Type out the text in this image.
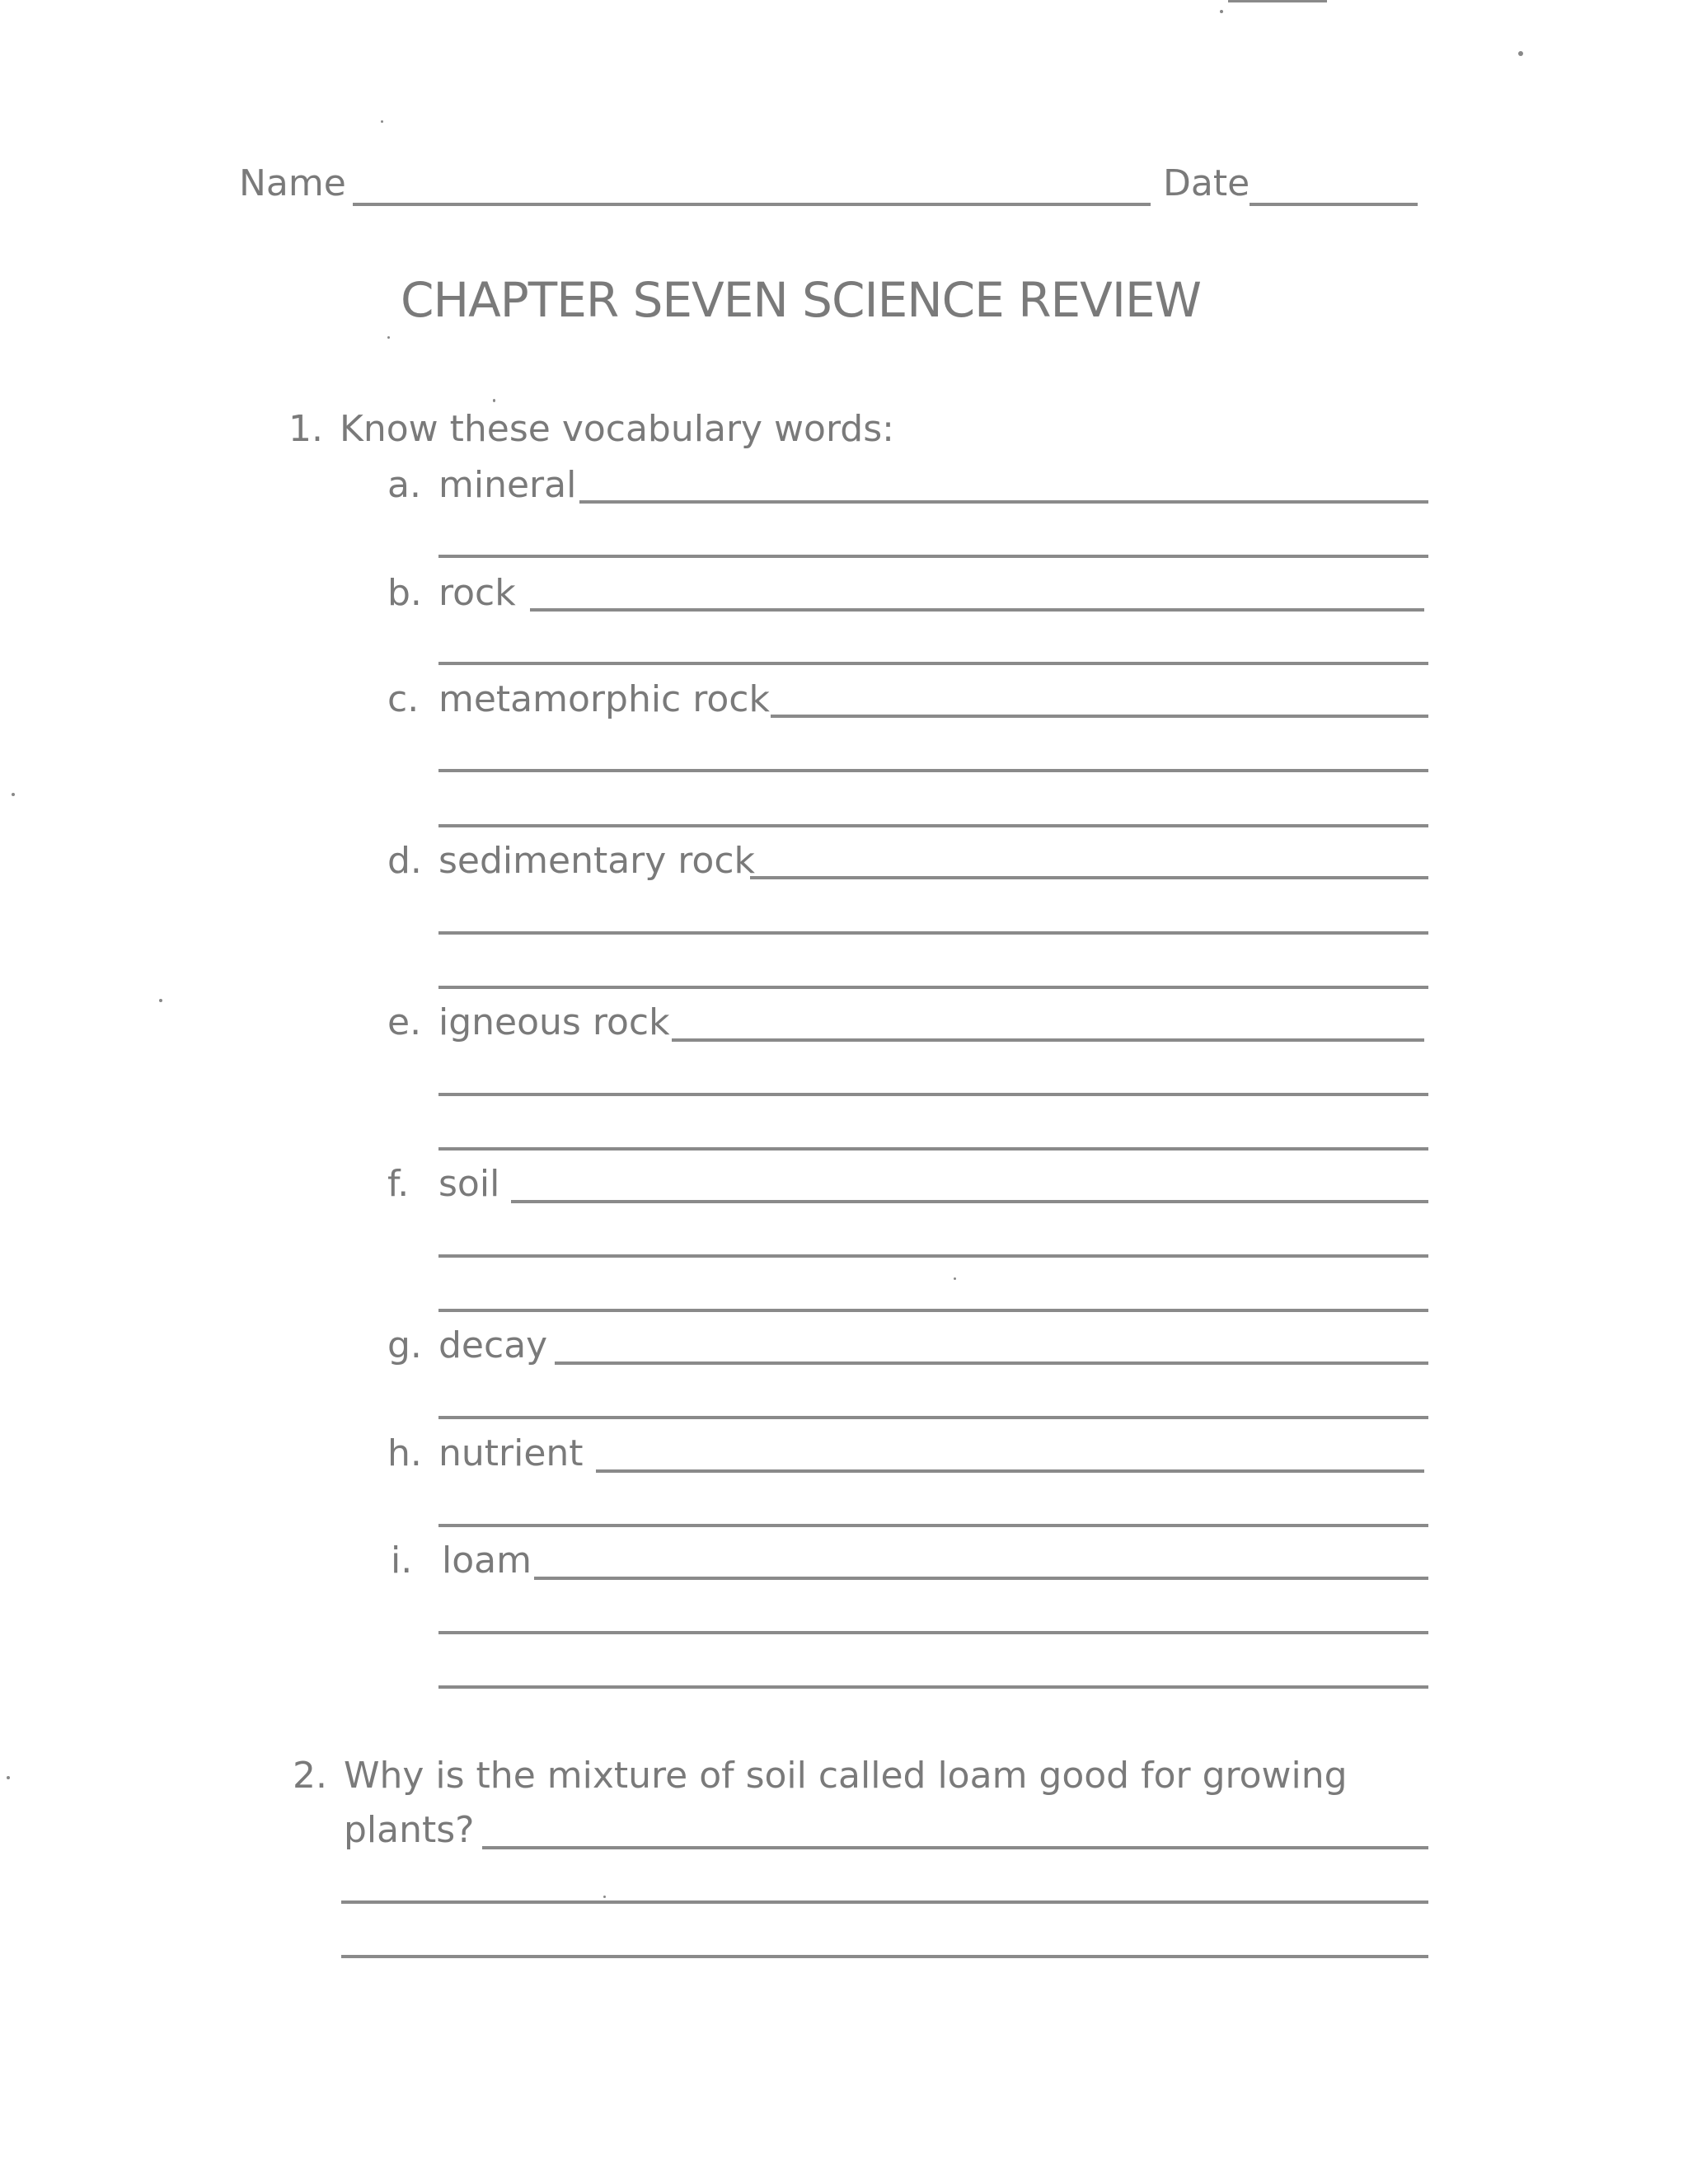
Name	Date
CHAPTER SEVEN SCIENCE REVIEW
1. Know these vocabulary words:
a. mineral
b. rock
c. metamorphic rock
d. sedimentary rock
e. igneous rock
f. soil
g. decay
h. nutrient
i. loam
2. Why is the mixture of soil called loam good for growing
plants?
